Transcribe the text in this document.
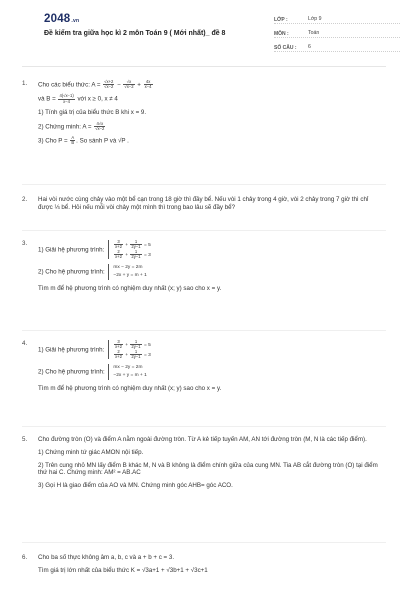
2048.vn
Đề kiểm tra giữa học kì 2 môn Toán 9 ( Mới nhất)_ đề 8
LỚP :	Lớp 9
MÔN :	Toán
SỐ CÂU :	6
1. Cho các biểu thức: $A = \frac{√x+2}{√x-2} - \frac{√x}{√x-2} + \frac{4x}{x-4}$
và $B = \frac{4(√x-1)}{x-4}$ với x ≥ 0, x ≠ 4
1) Tính giá trị của biểu thức B khi x = 9.
2) Chứng minh: $A = \frac{4√x}{√x-2}$
3) Cho $P = \frac{A}{B}$ . So sánh P và √P .
2. Hai vòi nước cùng chảy vào một bể cạn trong 18 giờ thì đầy bể. Nếu vòi 1 chảy trong 4 giờ, vòi 2 chảy trong 7 giờ thì chỉ được ⅓ bể. Hỏi nếu mỗi vòi chảy một mình thì trong bao lâu sẽ đầy bể?
3.
1) Giải hệ phương trình:
$\frac{3}{x+2} + \frac{1}{2y-1} = 5$
$\frac{2}{x+2} + \frac{1}{2y-1} = 3$
2) Cho hệ phương trình:
mx − 2y = 2m
−2x + y = m + 1
Tìm m để hệ phương trình có nghiệm duy nhất (x; y) sao cho x = y.
4.
1) Giải hệ phương trình:
$\frac{3}{x+2} + \frac{1}{2y-1} = 5$
$\frac{2}{x+2} + \frac{1}{2y-1} = 3$
2) Cho hệ phương trình:
mx − 2y = 2m
−2x + y = m + 1
Tìm m để hệ phương trình có nghiệm duy nhất (x; y) sao cho x = y.
5. Cho đường tròn (O) và điểm A nằm ngoài đường tròn. Từ A kẻ tiếp tuyến AM, AN tới đường tròn (M, N là các tiếp điểm).
1) Chứng minh tứ giác AMON nội tiếp.
2) Trên cung nhỏ MN lấy điểm B khác M, N và B không là điểm chính giữa của cung MN. Tia AB cắt đường tròn (O) tại điểm thứ hai C. Chứng minh: AM² = AB.AC
3) Gọi H là giao điểm của AO và MN. Chứng minh góc AHB= góc ACO.
6. Cho ba số thực không âm a, b, c và a + b + c = 3.
Tìm giá trị lớn nhất của biểu thức K = √3a+1 + √3b+1 + √3c+1
